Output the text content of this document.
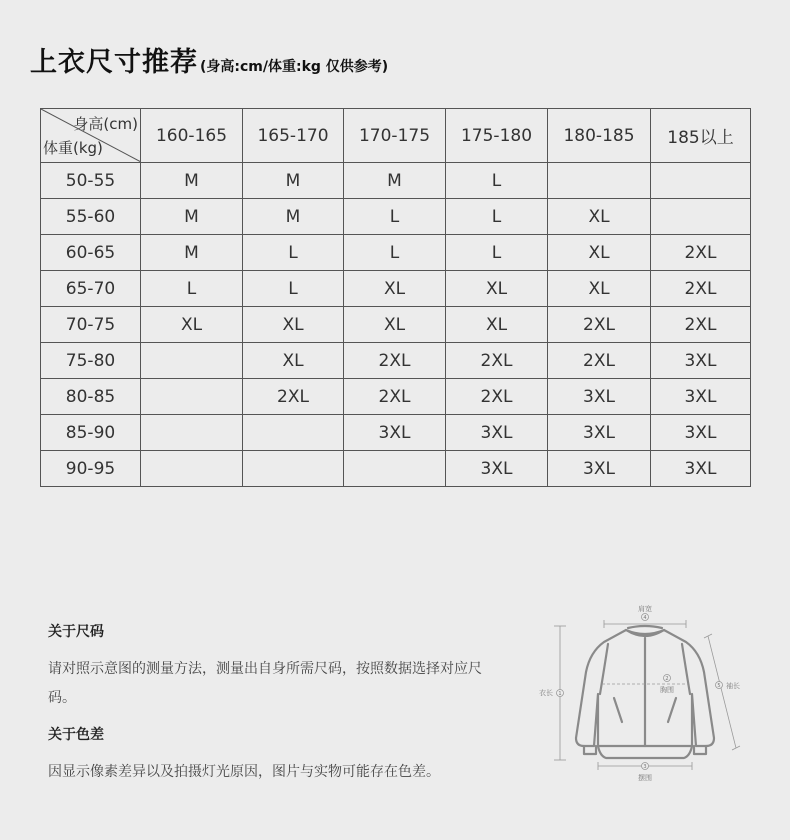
上衣尺寸推荐 (身高:cm/体重:kg 仅供参考)
身高(cm)
体重(kg)	160-165	165-170	170-175	175-180	180-185	185以上
50-55	M	M	M	L		
55-60	M	M	L	L	XL	
60-65	M	L	L	L	XL	2XL
65-70	L	L	XL	XL	XL	2XL
70-75	XL	XL	XL	XL	2XL	2XL
75-80		XL	2XL	2XL	2XL	3XL
80-85		2XL	2XL	2XL	3XL	3XL
85-90			3XL	3XL	3XL	3XL
90-95				3XL	3XL	3XL
关于尺码

请对照示意图的测量方法，测量出自身所需尺码，按照数据选择对应尺码。

关于色差

因显示像素差异以及拍摄灯光原因，图片与实物可能存在色差。

4
2
1
5
3
肩宽
胸围
衣长
袖长
摆围
